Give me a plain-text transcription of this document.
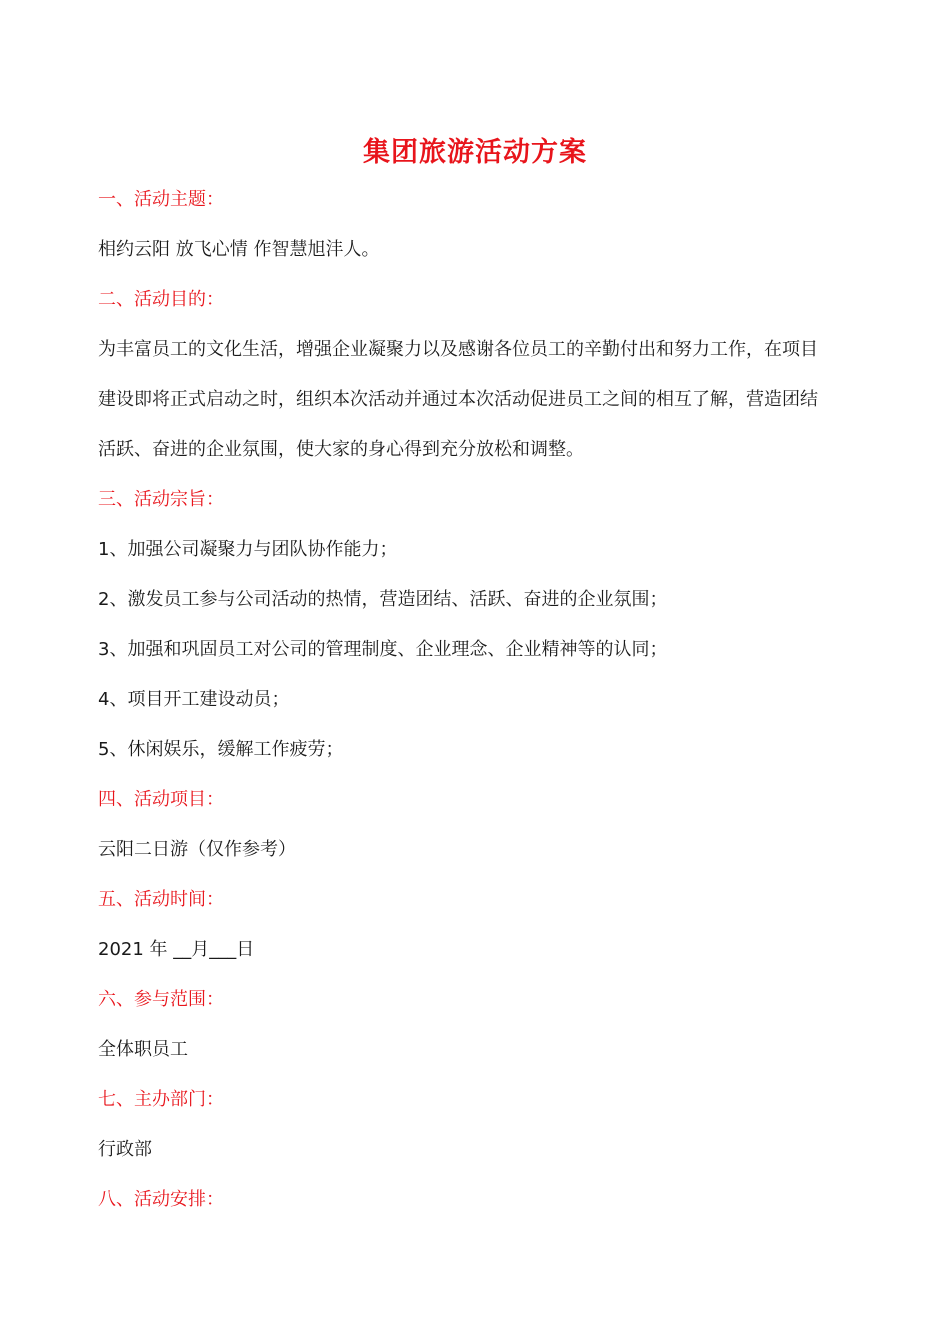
集团旅游活动方案
一、活动主题：
相约云阳 放飞心情 作智慧旭沣人。
二、活动目的：
为丰富员工的文化生活，增强企业凝聚力以及感谢各位员工的辛勤付出和努力工作，在项目
建设即将正式启动之时，组织本次活动并通过本次活动促进员工之间的相互了解，营造团结
活跃、奋进的企业氛围，使大家的身心得到充分放松和调整。
三、活动宗旨：
1、加强公司凝聚力与团队协作能力；
2、激发员工参与公司活动的热情，营造团结、活跃、奋进的企业氛围；
3、加强和巩固员工对公司的管理制度、企业理念、企业精神等的认同；
4、项目开工建设动员；
5、休闲娱乐，缓解工作疲劳；
四、活动项目：
云阳二日游（仅作参考）
五、活动时间：
2021 年 __月___日
六、参与范围：
全体职员工
七、主办部门：
行政部
八、活动安排：
